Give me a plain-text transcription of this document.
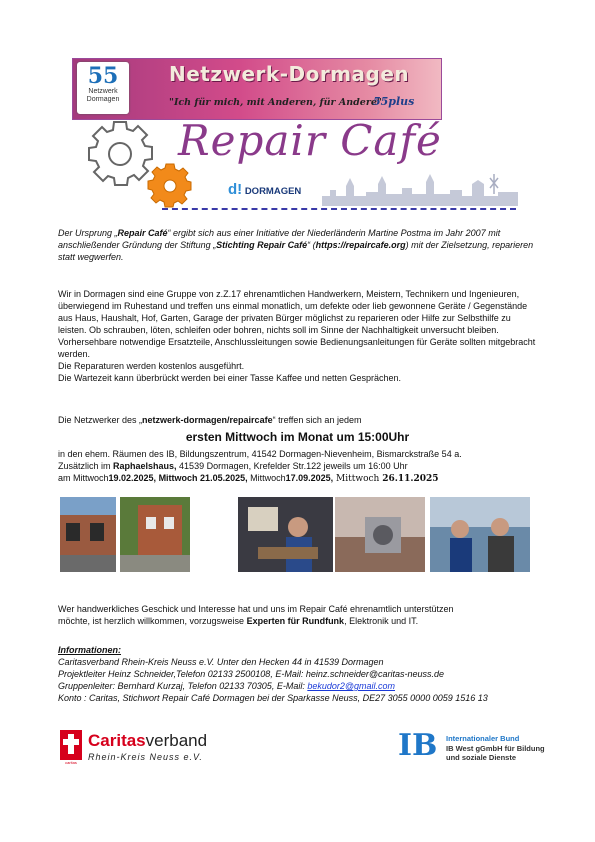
55
Netzwerk
Dormagen
Netzwerk-Dormagen
"Ich für mich, mit Anderen, für Andere"
55plus
Repair Café
d! DORMAGEN
Der Ursprung „Repair Café“ ergibt sich aus einer Initiative der Niederländerin Martine Postma im Jahr 2007 mit anschließender Gründung der Stiftung „Stichting Repair Café“ (https://repaircafe.org) mit der Zielsetzung, reparieren statt wegwerfen.
Wir in Dormagen sind eine Gruppe von z.Z.17 ehrenamtlichen Handwerkern, Meistern, Technikern und Ingenieuren, überwiegend im Ruhestand und treffen uns einmal monatlich, um defekte oder lieb gewonnene Geräte / Gegenstände aus Haus, Haushalt, Hof, Garten, Garage der privaten Bürger möglichst zu reparieren oder Hilfe zur Selbsthilfe zu leisten. Ob schrauben, löten, schleifen oder bohren, nichts soll im Sinne der Nachhaltigkeit unversucht bleiben. Vorhersehbare notwendige Ersatzteile, Anschlussleitungen sowie Bedienungsanleitungen für Geräte sollten mitgebracht werden.
Die Reparaturen werden kostenlos ausgeführt.
Die Wartezeit kann überbrückt werden bei einer Tasse Kaffee und netten Gesprächen.
Die Netzwerker des „netzwerk-dormagen/repaircafe“ treffen sich an jedem
ersten Mittwoch im Monat um 15:00Uhr
in den ehem. Räumen des IB, Bildungszentrum, 41542 Dormagen-Nievenheim, Bismarckstraße 54 a.
Zusätzlich im Raphaelshaus, 41539 Dormagen, Krefelder Str.122 jeweils um 16:00 Uhr
am Mittwoch19.02.2025, Mittwoch 21.05.2025, Mittwoch17.09.2025, Mittwoch 26.11.2025
Wer handwerkliches Geschick und Interesse hat und uns im Repair Café ehrenamtlich unterstützen
möchte, ist herzlich willkommen, vorzugsweise Experten für Rundfunk, Elektronik und IT.
Informationen:
Caritasverband Rhein-Kreis Neuss e.V. Unter den Hecken 44 in 41539 Dormagen
Projektleiter Heinz Schneider,Telefon 02133 2500108, E-Mail: heinz.schneider@caritas-neuss.de
Gruppenleiter: Bernhard Kurzaj, Telefon 02133 70305, E-Mail: bekudor2@gmail.com
Konto : Caritas, Stichwort Repair Café Dormagen bei der Sparkasse Neuss, DE27 3055 0000 0059 1516 13
caritas
Caritasverband
Rhein-Kreis Neuss e.V.	IB Internationaler Bund
IB West gGmbH für Bildung
und soziale Dienste
